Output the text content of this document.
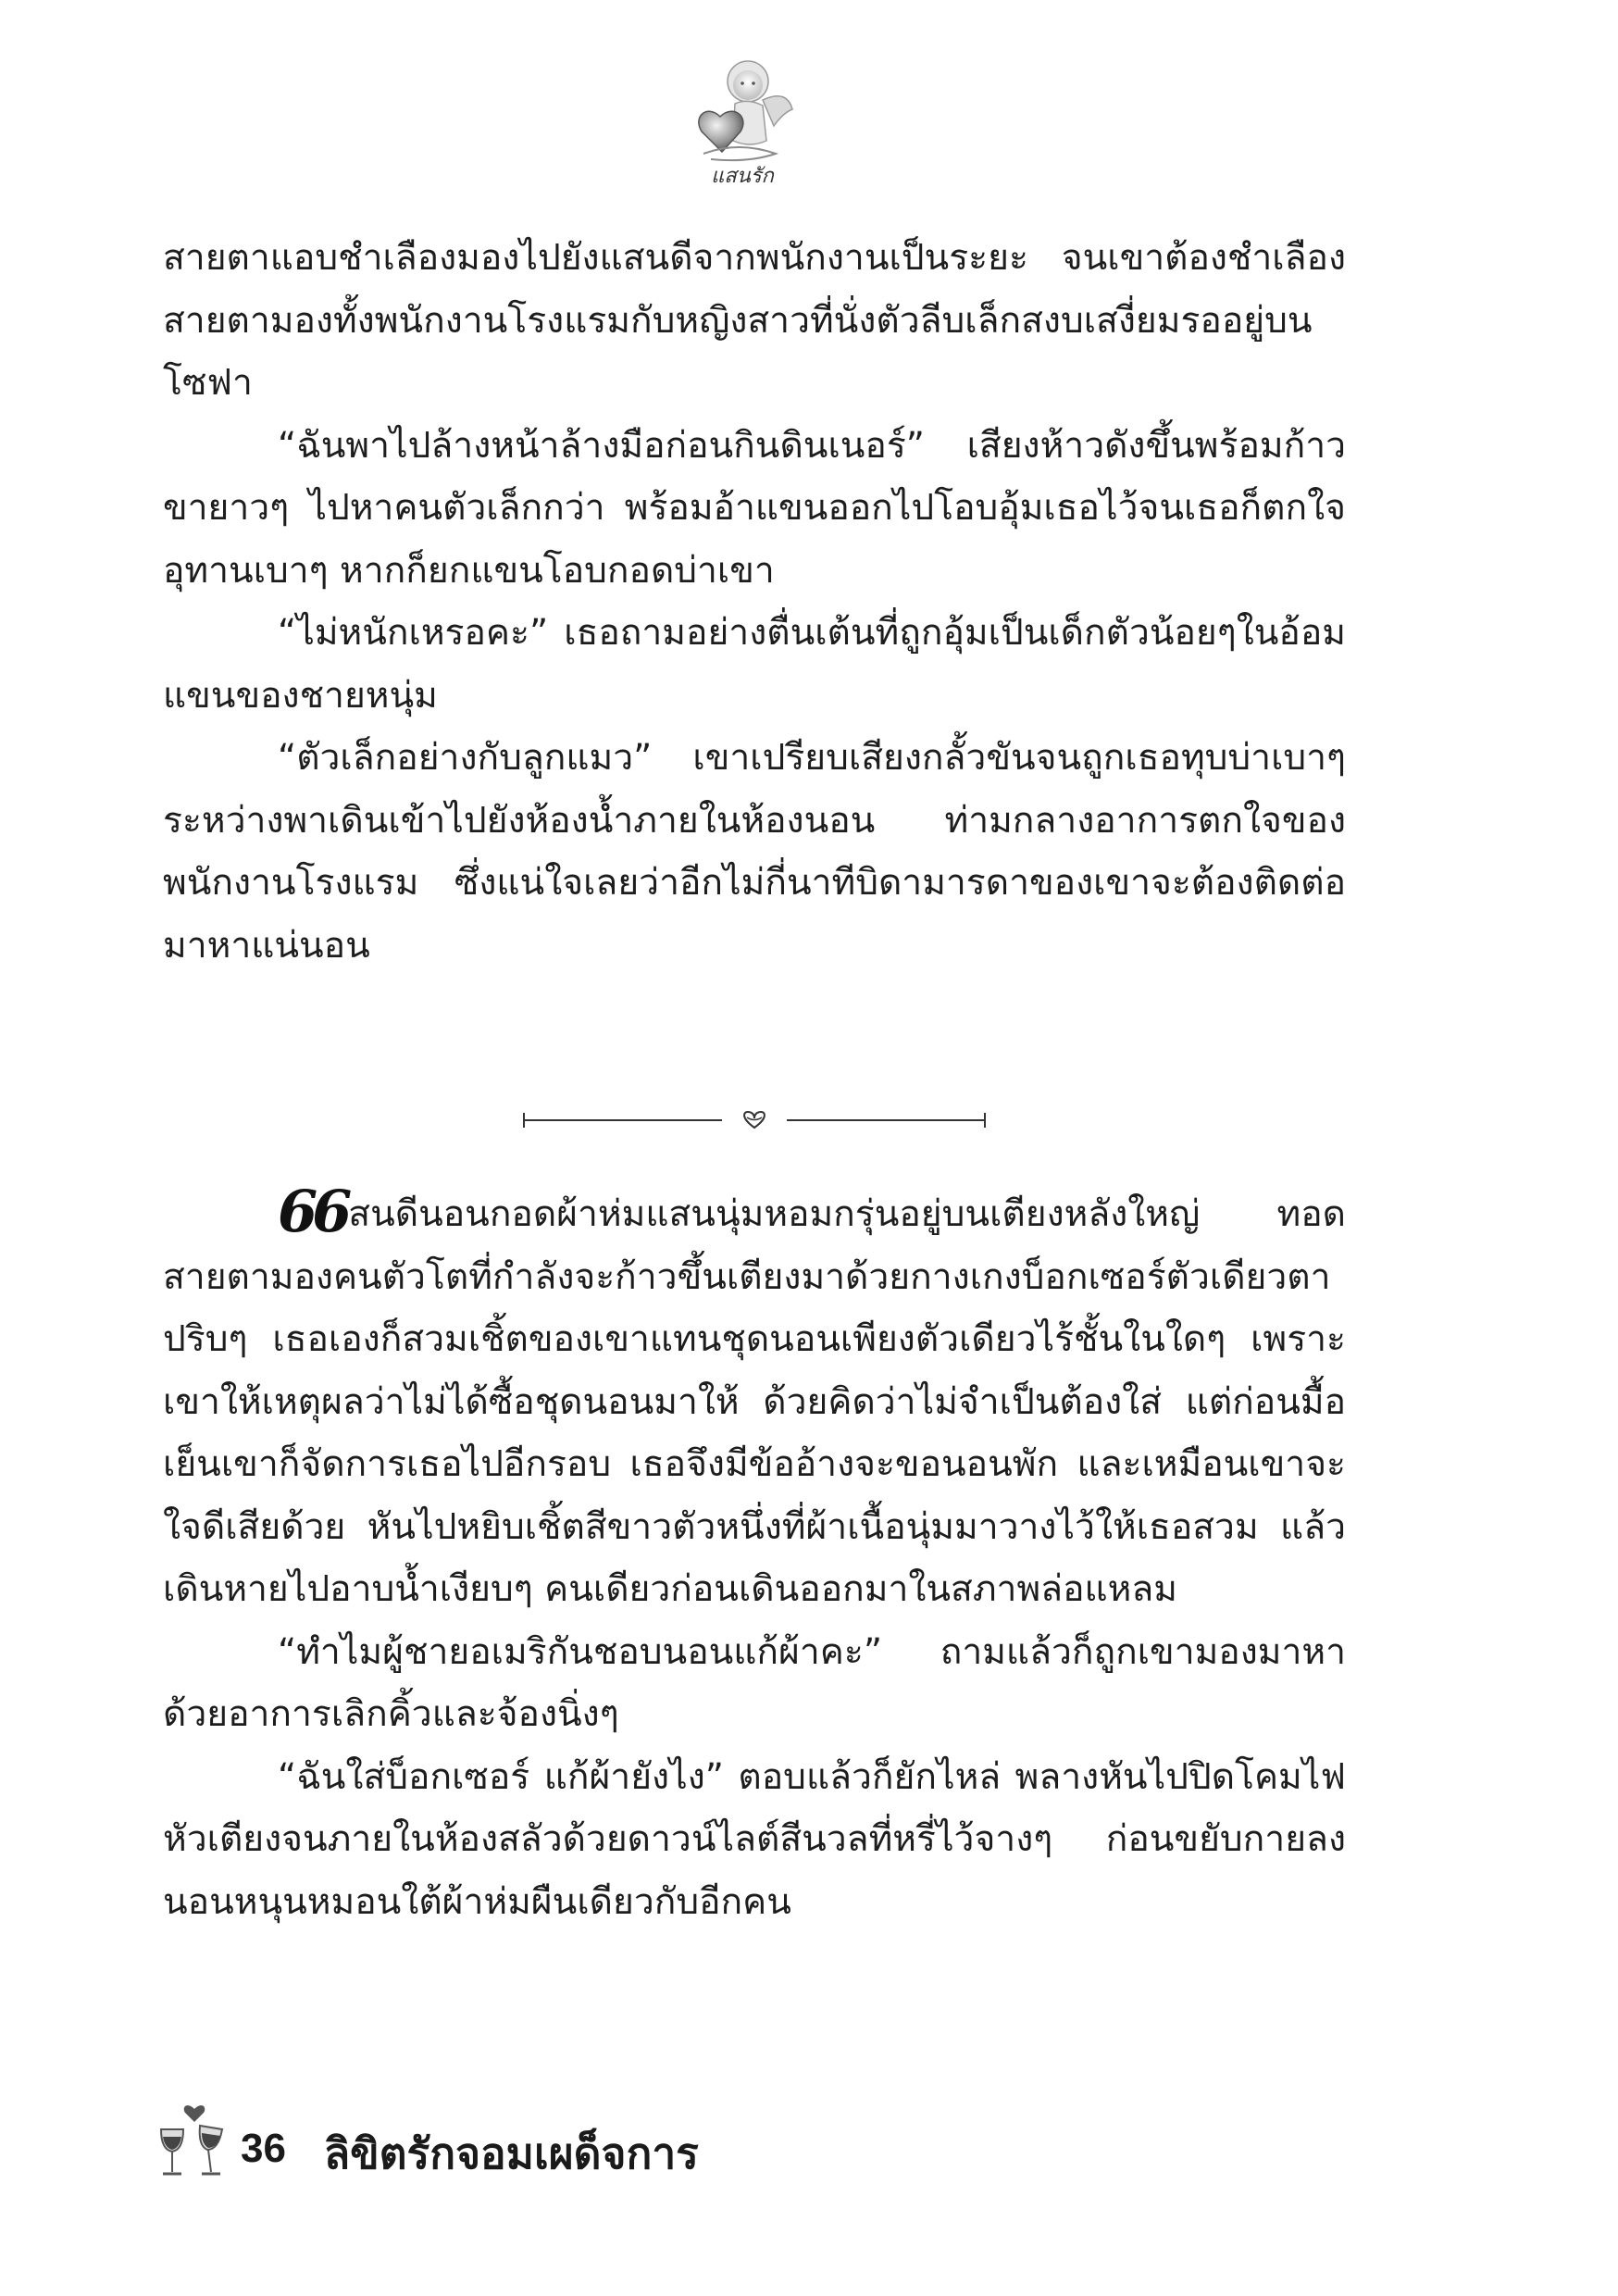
แสนรัก

สายตาแอบชำเลืองมองไปยังแสนดีจากพนักงานเป็นระยะ จนเขาต้องชำเลืองสายตามองทั้งพนักงานโรงแรมกับหญิงสาวที่นั่งตัวลีบเล็กสงบเสงี่ยมรออยู่บนโซฟา

“ฉันพาไปล้างหน้าล้างมือก่อนกินดินเนอร์” เสียงห้าวดังขึ้นพร้อมก้าวขายาวๆ ไปหาคนตัวเล็กกว่า พร้อมอ้าแขนออกไปโอบอุ้มเธอไว้จนเธอก็ตกใจอุทานเบาๆ หากก็ยกแขนโอบกอดบ่าเขา

“ไม่หนักเหรอคะ” เธอถามอย่างตื่นเต้นที่ถูกอุ้มเป็นเด็กตัวน้อยๆในอ้อมแขนของชายหนุ่ม

“ตัวเล็กอย่างกับลูกแมว” เขาเปรียบเสียงกลั้วขันจนถูกเธอทุบบ่าเบาๆ ระหว่างพาเดินเข้าไปยังห้องน้ำภายในห้องนอน ท่ามกลางอาการตกใจของพนักงานโรงแรม ซึ่งแน่ใจเลยว่าอีกไม่กี่นาทีบิดามารดาของเขาจะต้องติดต่อมาหาแน่นอน

66สนดีนอนกอดผ้าห่มแสนนุ่มหอมกรุ่นอยู่บนเตียงหลังใหญ่ ทอดสายตามองคนตัวโตที่กำลังจะก้าวขึ้นเตียงมาด้วยกางเกงบ็อกเซอร์ตัวเดียวตาปริบๆ เธอเองก็สวมเชิ้ตของเขาแทนชุดนอนเพียงตัวเดียวไร้ชั้นในใดๆ เพราะเขาให้เหตุผลว่าไม่ได้ซื้อชุดนอนมาให้ ด้วยคิดว่าไม่จำเป็นต้องใส่ แต่ก่อนมื้อเย็นเขาก็จัดการเธอไปอีกรอบ เธอจึงมีข้ออ้างจะขอนอนพัก และเหมือนเขาจะใจดีเสียด้วย หันไปหยิบเชิ้ตสีขาวตัวหนึ่งที่ผ้าเนื้อนุ่มมาวางไว้ให้เธอสวม แล้วเดินหายไปอาบน้ำเงียบๆ คนเดียวก่อนเดินออกมาในสภาพล่อแหลม

“ทำไมผู้ชายอเมริกันชอบนอนแก้ผ้าคะ” ถามแล้วก็ถูกเขามองมาหาด้วยอาการเลิกคิ้วและจ้องนิ่งๆ

“ฉันใส่บ็อกเซอร์ แก้ผ้ายังไง” ตอบแล้วก็ยักไหล่ พลางหันไปปิดโคมไฟหัวเตียงจนภายในห้องสลัวด้วยดาวน์ไลต์สีนวลที่หรี่ไว้จางๆ ก่อนขยับกายลงนอนหนุนหมอนใต้ผ้าห่มผืนเดียวกับอีกคน

36 ลิขิตรักจอมเผด็จการ
